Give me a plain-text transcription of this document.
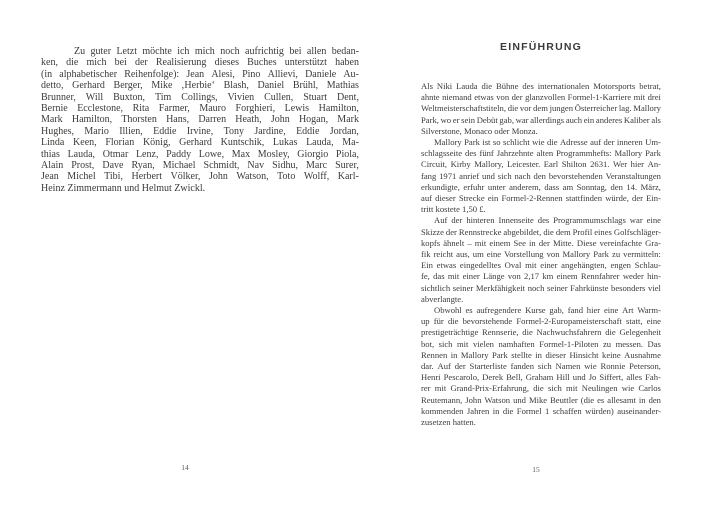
Zu guter Letzt möchte ich mich noch aufrichtig bei allen bedan-
ken, die mich bei der Realisierung dieses Buches unterstützt haben
(in alphabetischer Reihenfolge): Jean Alesi, Pino Allievi, Daniele Au-
detto, Gerhard Berger, Mike ‚Herbie‘ Blash, Daniel Brühl, Mathias
Brunner, Will Buxton, Tim Collings, Vivien Cullen, Stuart Dent,
Bernie Ecclestone, Rita Farmer, Mauro Forghieri, Lewis Hamilton,
Mark Hamilton, Thorsten Hans, Darren Heath, John Hogan, Mark
Hughes, Mario Illien, Eddie Irvine, Tony Jardine, Eddie Jordan,
Linda Keen, Florian König, Gerhard Kuntschik, Lukas Lauda, Ma-
thias Lauda, Otmar Lenz, Paddy Lowe, Max Mosley, Giorgio Piola,
Alain Prost, Dave Ryan, Michael Schmidt, Nav Sidhu, Marc Surer,
Jean Michel Tibi, Herbert Völker, John Watson, Toto Wolff, Karl-
Heinz Zimmermann und Helmut Zwickl.
14
EINFÜHRUNG
Als Niki Lauda die Bühne des internationalen Motorsports betrat,
ahnte niemand etwas von der glanzvollen Formel-1-Karriere mit drei
Weltmeisterschaftstiteln, die vor dem jungen Österreicher lag. Mallory
Park, wo er sein Debüt gab, war allerdings auch ein anderes Kaliber als
Silverstone, Monaco oder Monza.
Mallory Park ist so schlicht wie die Adresse auf der inneren Um-
schlagsseite des fünf Jahrzehnte alten Programmhefts: Mallory Park
Circuit, Kirby Mallory, Leicester. Earl Shilton 2631. Wer hier An-
fang 1971 anrief und sich nach den bevorstehenden Veranstaltungen
erkundigte, erfuhr unter anderem, dass am Sonntag, den 14. März,
auf dieser Strecke ein Formel-2-Rennen stattfinden würde, der Ein-
tritt kostete 1,50 £.
Auf der hinteren Innenseite des Programmumschlags war eine
Skizze der Rennstrecke abgebildet, die dem Profil eines Golfschläger-
kopfs ähnelt – mit einem See in der Mitte. Diese vereinfachte Gra-
fik reicht aus, um eine Vorstellung von Mallory Park zu vermitteln:
Ein etwas eingedelltes Oval mit einer angehängten, engen Schlau-
fe, das mit einer Länge von 2,17 km einem Rennfahrer weder hin-
sichtlich seiner Merkfähigkeit noch seiner Fahrkünste besonders viel
abverlangte.
Obwohl es aufregendere Kurse gab, fand hier eine Art Warm-
up für die bevorstehende Formel-2-Europameisterschaft statt, eine
prestigeträchtige Rennserie, die Nachwuchsfahrern die Gelegenheit
bot, sich mit vielen namhaften Formel-1-Piloten zu messen. Das
Rennen in Mallory Park stellte in dieser Hinsicht keine Ausnahme
dar. Auf der Starterliste fanden sich Namen wie Ronnie Peterson,
Henri Pescarolo, Derek Bell, Graham Hill und Jo Siffert, alles Fah-
rer mit Grand-Prix-Erfahrung, die sich mit Neulingen wie Carlos
Reutemann, John Watson und Mike Beuttler (die es allesamt in den
kommenden Jahren in die Formel 1 schaffen würden) auseinander-
zusetzen hatten.
15
